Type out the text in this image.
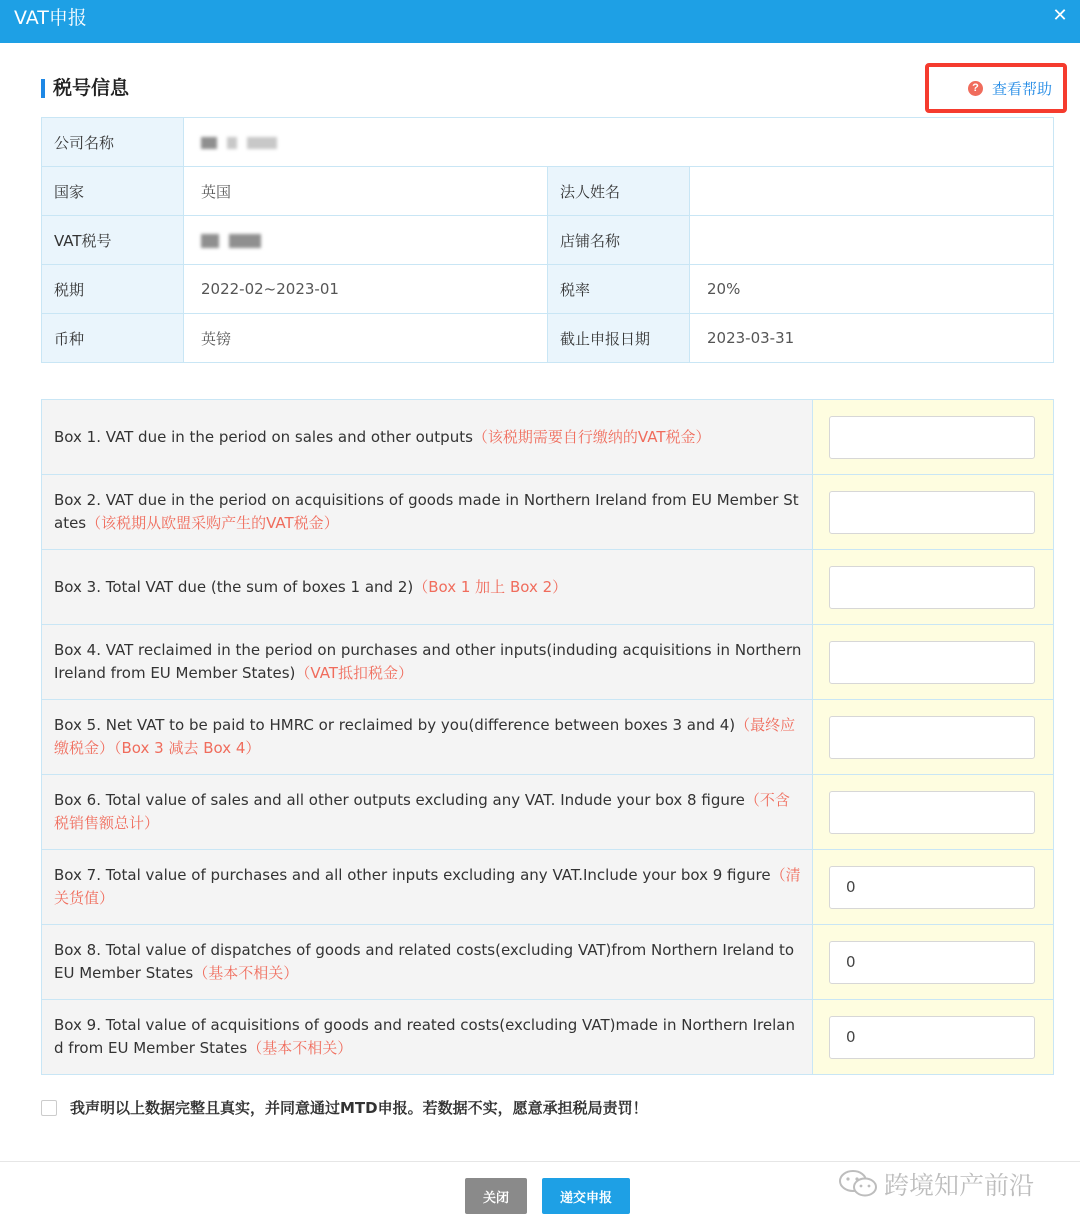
VAT申报	✕
税号信息	? 查看帮助
公司名称			
国家	英国	法人姓名	
VAT税号		店铺名称	
税期	2022-02~2023-01	税率	20%
币种	英镑	截止申报日期	2023-03-31
Box 1. VAT due in the period on sales and other outputs（该税期需要自行缴纳的VAT税金）	
Box 2. VAT due in the period on acquisitions of goods made in Northern Ireland from EU Member States（该税期从欧盟采购产生的VAT税金）	
Box 3. Total VAT due (the sum of boxes 1 and 2)（Box 1 加上 Box 2）	
Box 4. VAT reclaimed in the period on purchases and other inputs(induding acquisitions in Northern Ireland from EU Member States)（VAT抵扣税金）	
Box 5. Net VAT to be paid to HMRC or reclaimed by you(difference between boxes 3 and 4)（最终应缴税金）（Box 3 减去 Box 4）	
Box 6. Total value of sales and all other outputs excluding any VAT. Indude your box 8 figure（不含税销售额总计）	
Box 7. Total value of purchases and all other inputs excluding any VAT.Include your box 9 figure（清关货值）	0
Box 8. Total value of dispatches of goods and related costs(excluding VAT)from Northern Ireland to EU Member States（基本不相关）	0
Box 9. Total value of acquisitions of goods and reated costs(excluding VAT)made in Northern Ireland from EU Member States（基本不相关）	0
我声明以上数据完整且真实，并同意通过MTD申报。若数据不实，愿意承担税局责罚！
关闭	递交申报	跨境知产前沿
